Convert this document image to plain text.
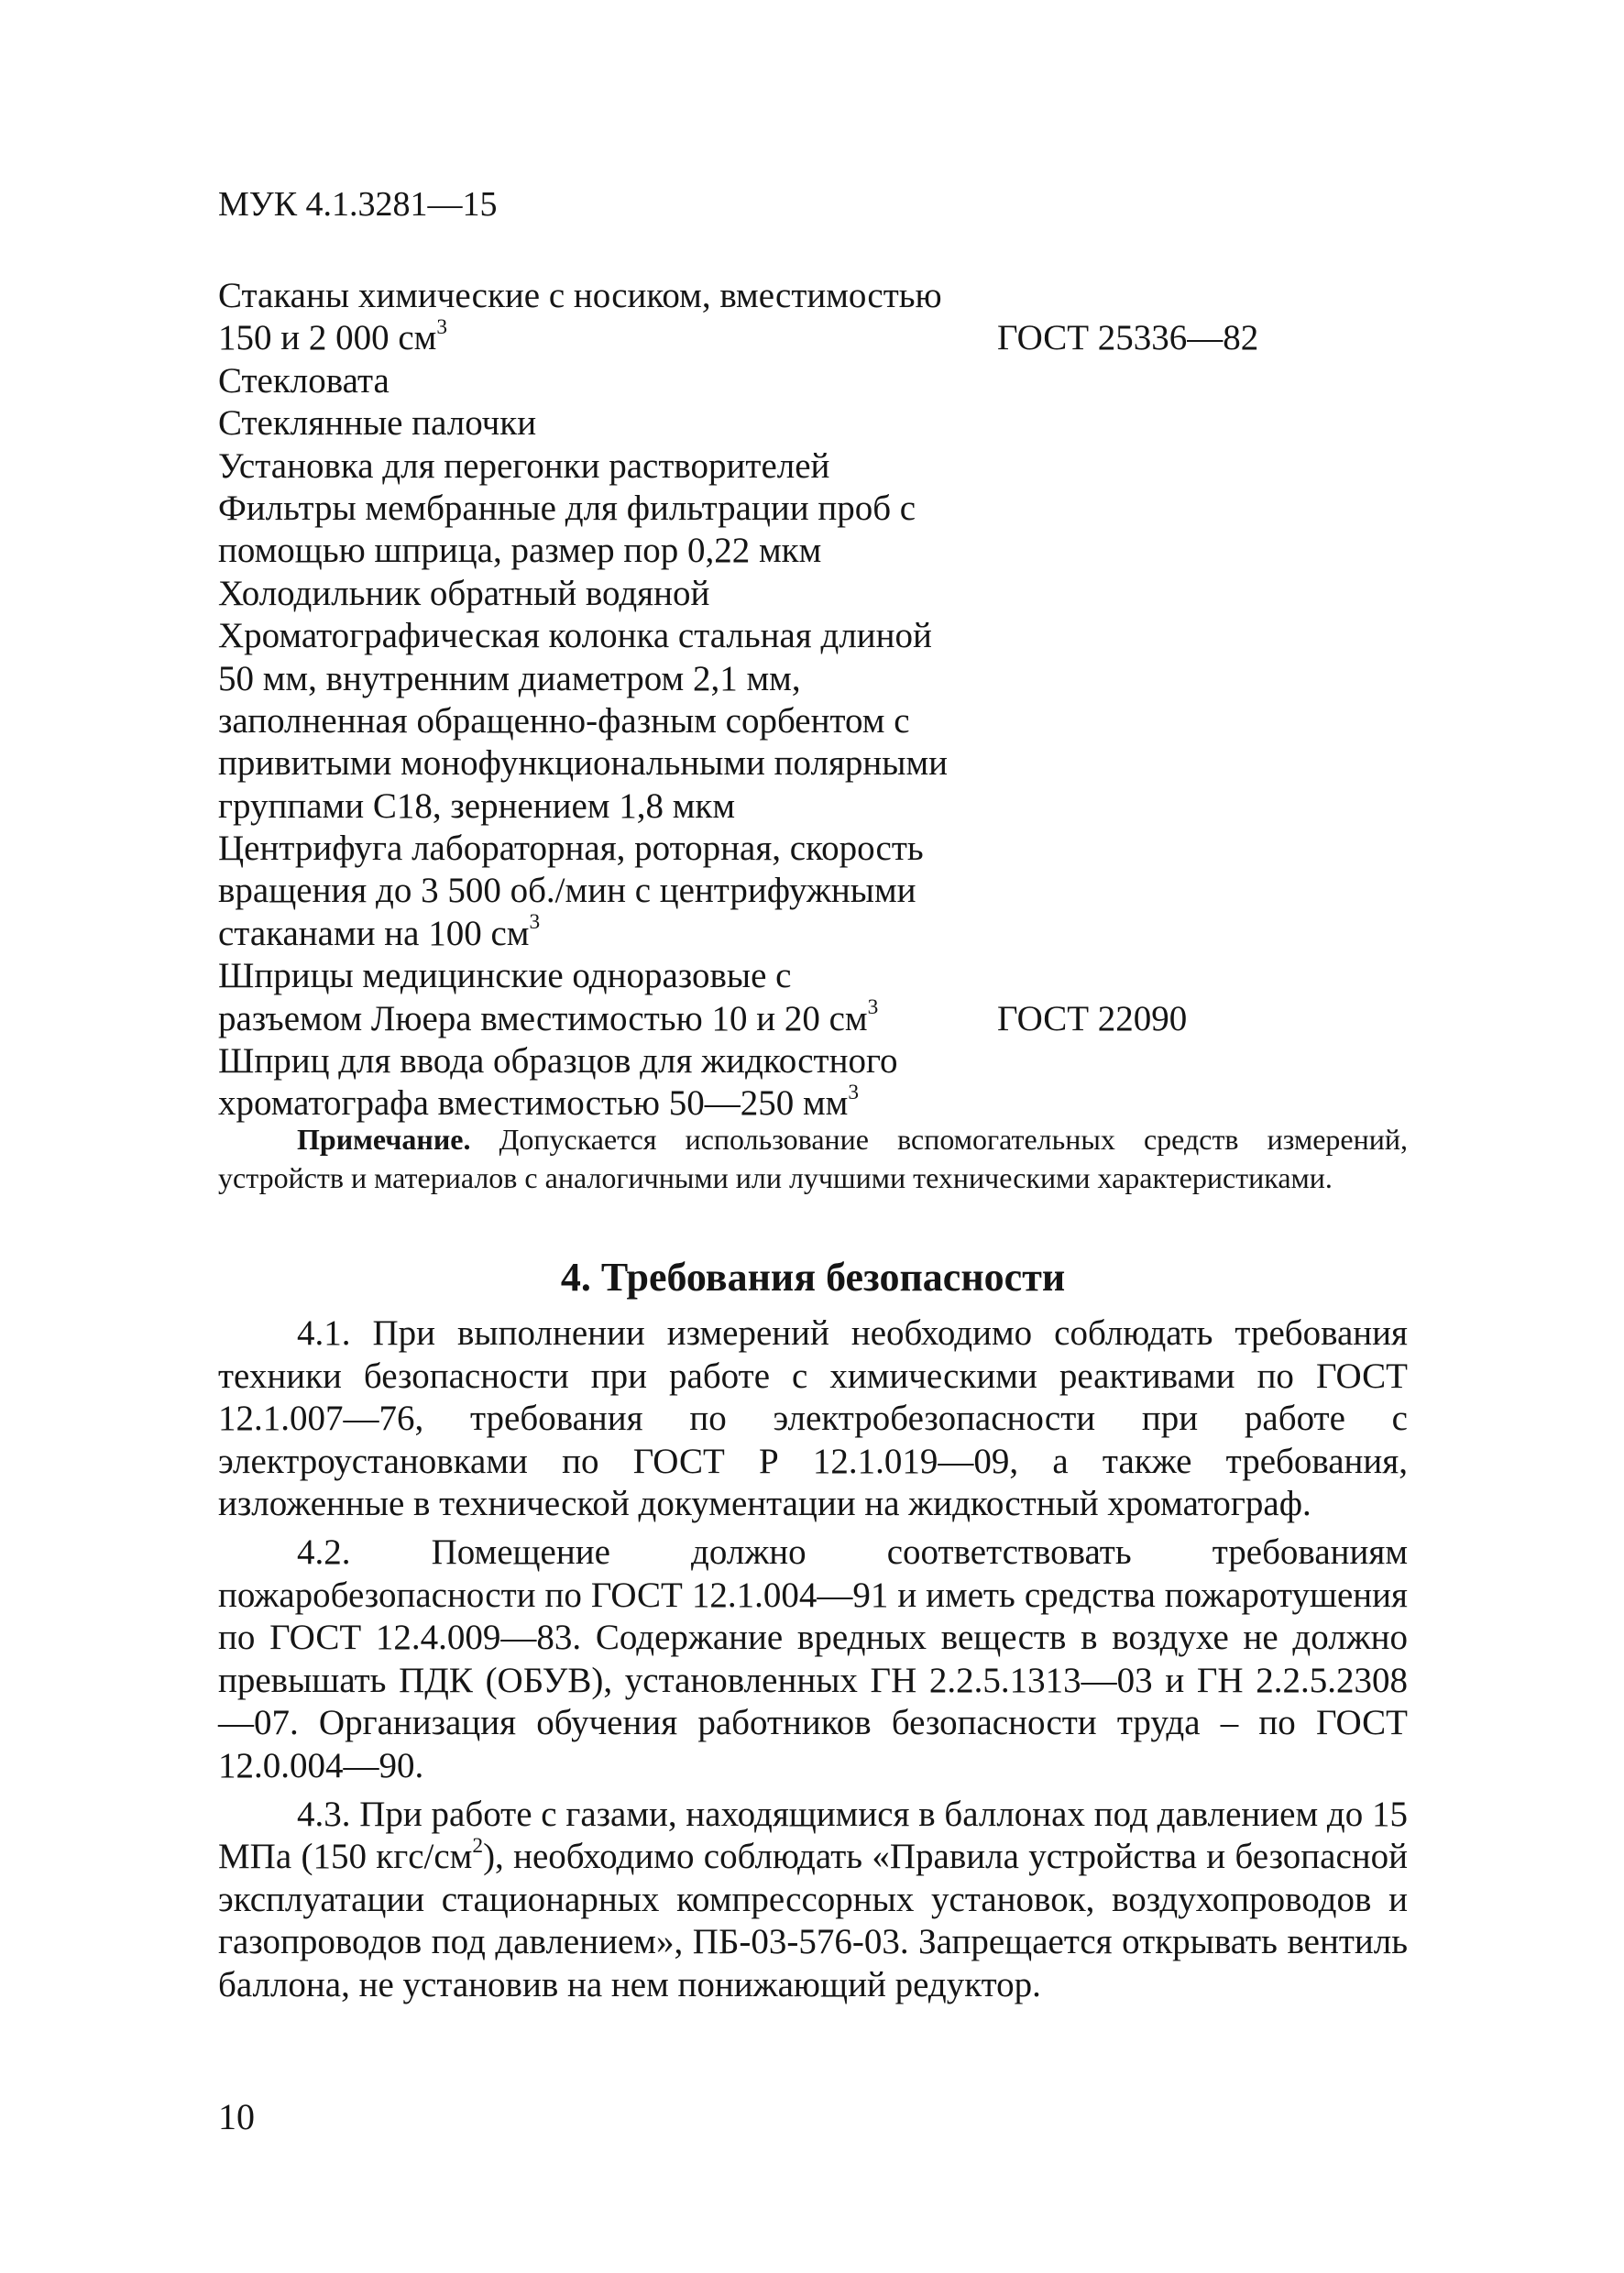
МУК 4.1.3281—15
Стаканы химические с носиком, вместимостью
150 и 2 000 $см^3$	ГОСТ 25336—82
Стекловата
Стеклянные палочки
Установка для перегонки растворителей
Фильтры мембранные для фильтрации проб с
помощью шприца, размер пор 0,22 мкм
Холодильник обратный водяной
Хроматографическая колонка стальная длиной
50 мм, внутренним диаметром 2,1 мм,
заполненная обращенно-фазным сорбентом с
привитыми монофункциональными полярными
группами С18, зернением 1,8 мкм
Центрифуга лабораторная, роторная, скорость
вращения до 3 500 об./мин с центрифужными
стаканами на 100 $см^3$
Шприцы медицинские одноразовые с
разъемом Люера вместимостью 10 и 20 $см^3$	ГОСТ 22090
Шприц для ввода образцов для жидкостного
хроматографа вместимостью 50—250 $мм^3$
Примечание. Допускается использование вспомогательных средств измерений, устройств и материалов с аналогичными или лучшими техническими характеристиками.
4. Требования безопасности

4.1. При выполнении измерений необходимо соблюдать требования техники безопасности при работе с химическими реактивами по ГОСТ 12.1.007—76, требования по электробезопасности при работе с электроустановками по ГОСТ Р 12.1.019—09, а также требования, изложенные в технической документации на жидкостный хроматограф.

4.2. Помещение должно соответствовать требованиям пожаробезопасности по ГОСТ 12.1.004—91 и иметь средства пожаротушения по ГОСТ 12.4.009—83. Содержание вредных веществ в воздухе не должно превышать ПДК (ОБУВ), установленных ГН 2.2.5.1313—03 и ГН 2.2.5.2308—07. Организация обучения работников безопасности труда – по ГОСТ 12.0.004—90.

4.3. При работе с газами, находящимися в баллонах под давлением до 15 МПа (150 кгс/$см^2$), необходимо соблюдать «Правила устройства и безопасной эксплуатации стационарных компрессорных установок, воздухопроводов и газопроводов под давлением», ПБ-03-576-03. Запрещается открывать вентиль баллона, не установив на нем понижающий редуктор.

10
